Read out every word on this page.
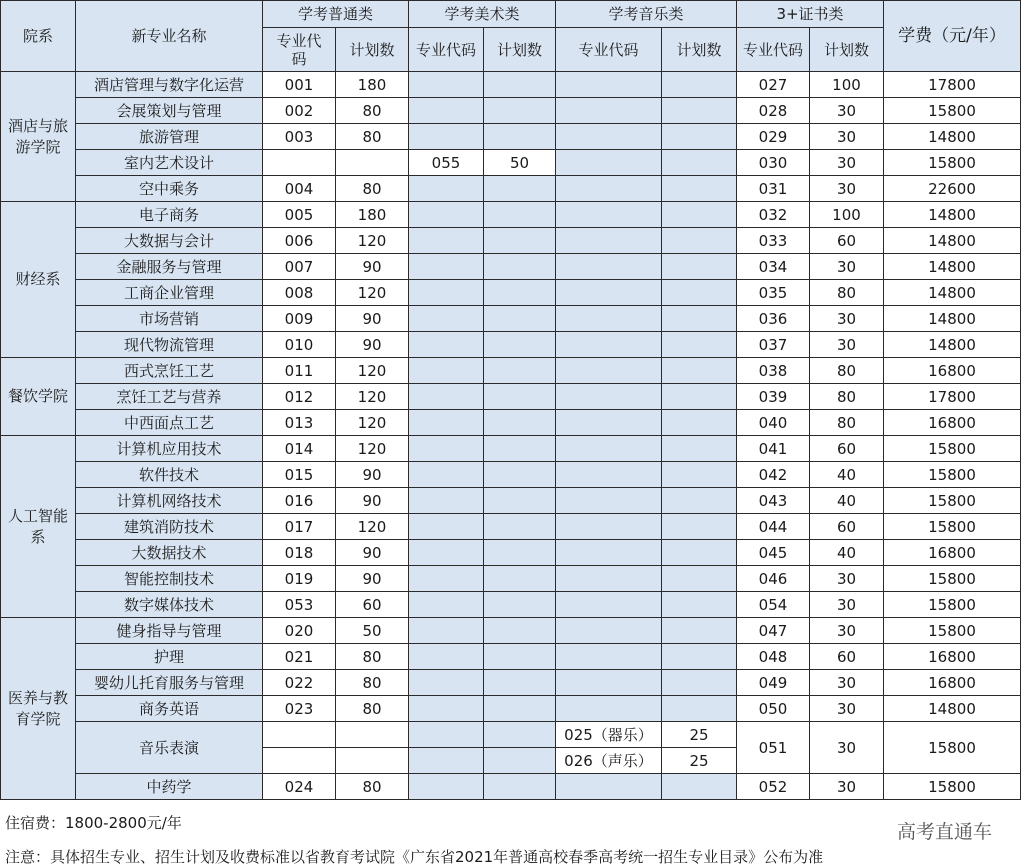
院系	新专业名称	学考普通类		学考美术类		学考音乐类		3+证书类		学费（元/年）
		专业代码	计划数	专业代码	计划数	专业代码	计划数	专业代码	计划数	
酒店与旅游学院	酒店管理与数字化运营	001	180					027	100	17800
	会展策划与管理	002	80					028	30	15800
	旅游管理	003	80					029	30	14800
	室内艺术设计			055	50			030	30	15800
	空中乘务	004	80					031	30	22600
财经系	电子商务	005	180					032	100	14800
	大数据与会计	006	120					033	60	14800
	金融服务与管理	007	90					034	30	14800
	工商企业管理	008	120					035	80	14800
	市场营销	009	90					036	30	14800
	现代物流管理	010	90					037	30	14800
餐饮学院	西式烹饪工艺	011	120					038	80	16800
	烹饪工艺与营养	012	120					039	80	17800
	中西面点工艺	013	120					040	80	16800
人工智能系	计算机应用技术	014	120					041	60	15800
	软件技术	015	90					042	40	15800
	计算机网络技术	016	90					043	40	15800
	建筑消防技术	017	120					044	60	15800
	大数据技术	018	90					045	40	16800
	智能控制技术	019	90					046	30	15800
	数字媒体技术	053	60					054	30	15800
医养与教育学院	健身指导与管理	020	50					047	30	15800
	护理	021	80					048	60	16800
	婴幼儿托育服务与管理	022	80					049	30	16800
	商务英语	023	80					050	30	14800
	音乐表演					025（器乐）	25	051	30	15800
						026（声乐）	25			
	中药学	024	80					052	30	15800
住宿费：1800-2800元/年
注意：具体招生专业、招生计划及收费标准以省教育考试院《广东省2021年普通高校春季高考统一招生专业目录》公布为准
高考直通车
